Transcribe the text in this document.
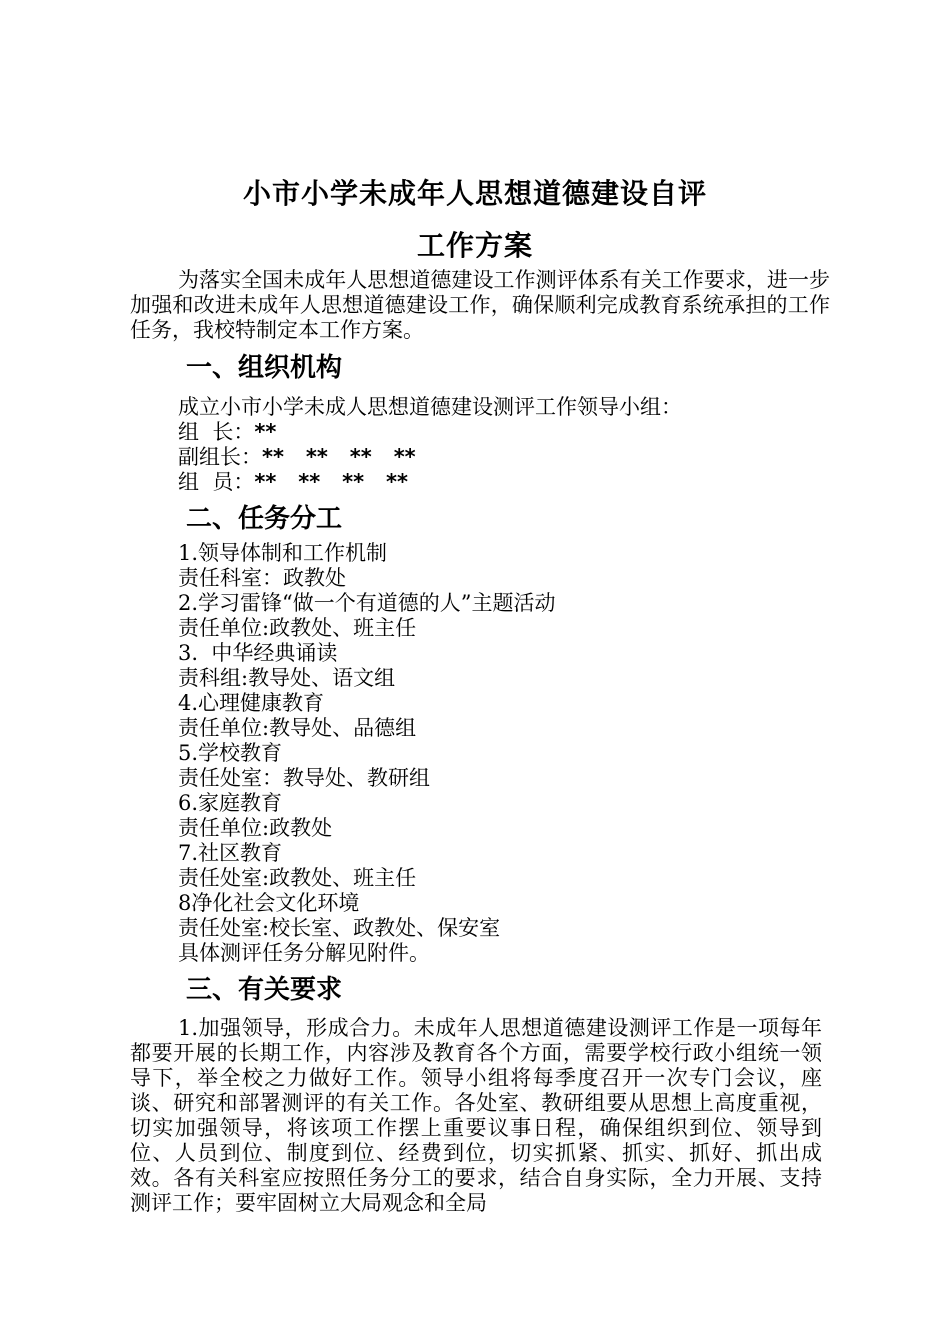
小市小学未成年人思想道德建设自评
工作方案

为落实全国未成年人思想道德建设工作测评体系有关工作要求，进一步加强和改进未成年人思想道德建设工作，确保顺利完成教育系统承担的工作任务，我校特制定本工作方案。

一、组织机构
成立小市小学未成人思想道德建设测评工作领导小组：
组  长：**
副组长：**   **   **   **
组  员：**   **   **   **
二、任务分工
1.领导体制和工作机制
责任科室：政教处
2.学习雷锋“做一个有道德的人”主题活动
责任单位:政教处、班主任
3.  中华经典诵读
责科组:教导处、语文组
4.心理健康教育
责任单位:教导处、品德组
5.学校教育
责任处室：教导处、教研组
6.家庭教育
责任单位:政教处
7.社区教育
责任处室:政教处、班主任
8净化社会文化环境
责任处室:校长室、政教处、保安室
具体测评任务分解见附件。
三、有关要求

1.加强领导，形成合力。未成年人思想道德建设测评工作是一项每年都要开展的长期工作，内容涉及教育各个方面，需要学校行政小组统一领导下，举全校之力做好工作。领导小组将每季度召开一次专门会议，座谈、研究和部署测评的有关工作。各处室、教研组要从思想上高度重视，切实加强领导，将该项工作摆上重要议事日程，确保组织到位、领导到位、人员到位、制度到位、经费到位，切实抓紧、抓实、抓好、抓出成效。各有关科室应按照任务分工的要求，结合自身实际，全力开展、支持测评工作；要牢固树立大局观念和全局
